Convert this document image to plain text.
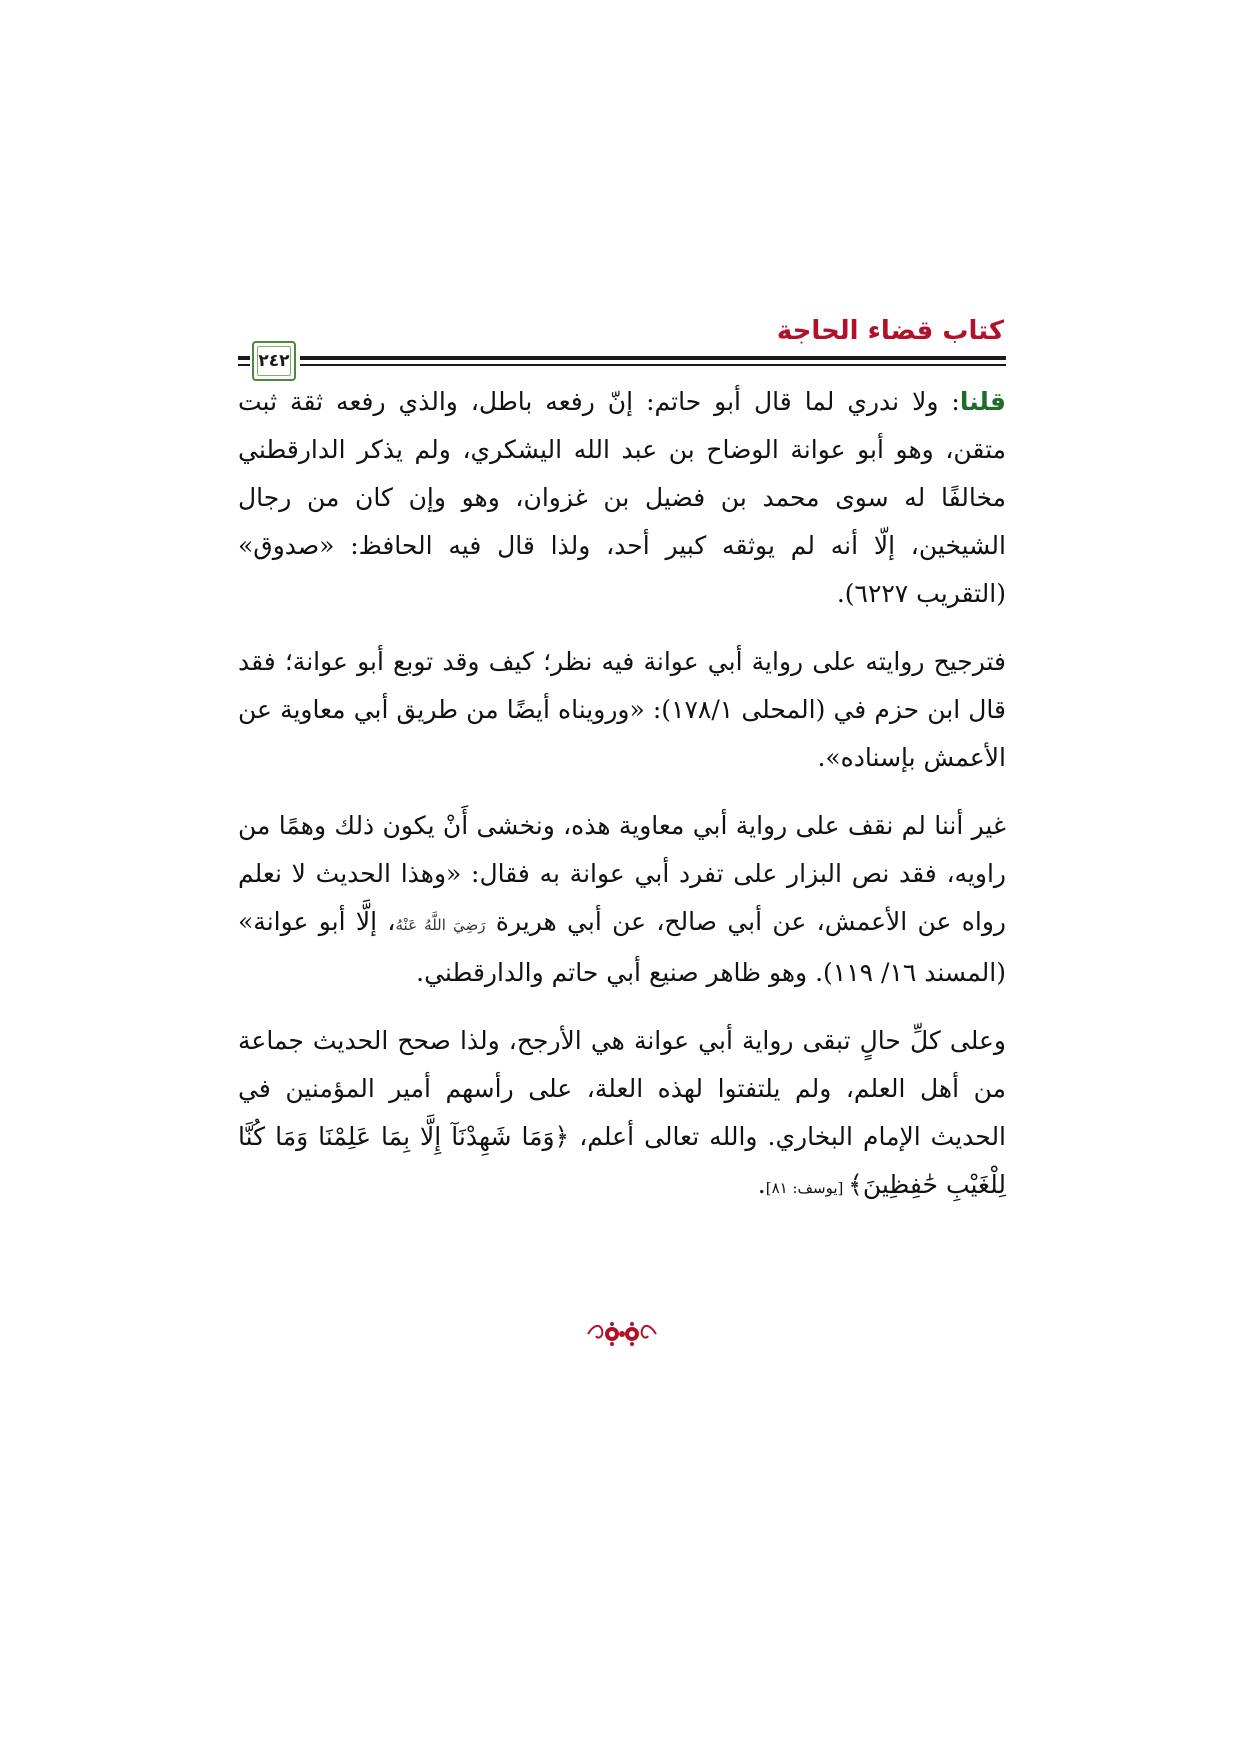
كتاب قضاء الحاجة
٢٤٢

قلنا: ولا ندري لما قال أبو حاتم: إنّ رفعه باطل، والذي رفعه ثقة ثبت متقن، وهو أبو عوانة الوضاح بن عبد الله اليشكري، ولم يذكر الدارقطني مخالفًا له سوى محمد بن فضيل بن غزوان، وهو وإن كان من رجال الشيخين، إلّا أنه لم يوثقه كبير أحد، ولذا قال فيه الحافظ: «صدوق» (التقريب ٦٢٢٧).

فترجيح روايته على رواية أبي عوانة فيه نظر؛ كيف وقد توبع أبو عوانة؛ فقد قال ابن حزم في (المحلى ١٧٨/١): «ورويناه أيضًا من طريق أبي معاوية عن الأعمش بإسناده».

غير أننا لم نقف على رواية أبي معاوية هذه، ونخشى أَنْ يكون ذلك وهمًا من راويه، فقد نص البزار على تفرد أبي عوانة به فقال: «وهذا الحديث لا نعلم رواه عن الأعمش، عن أبي صالح، عن أبي هريرة رَضِيَ اللَّهُ عَنْهُ، إلَّا أبو عوانة» (المسند ١٦/ ١١٩). وهو ظاهر صنيع أبي حاتم والدارقطني.

وعلى كلِّ حالٍ تبقى رواية أبي عوانة هي الأرجح، ولذا صحح الحديث جماعة من أهل العلم، ولم يلتفتوا لهذه العلة، على رأسهم أمير المؤمنين في الحديث الإمام البخاري. والله تعالى أعلم، ﴿وَمَا شَهِدْنَآ إِلَّا بِمَا عَلِمْنَا وَمَا كُنَّا لِلْغَيْبِ حَٰفِظِينَ﴾ [يوسف: ٨١].
